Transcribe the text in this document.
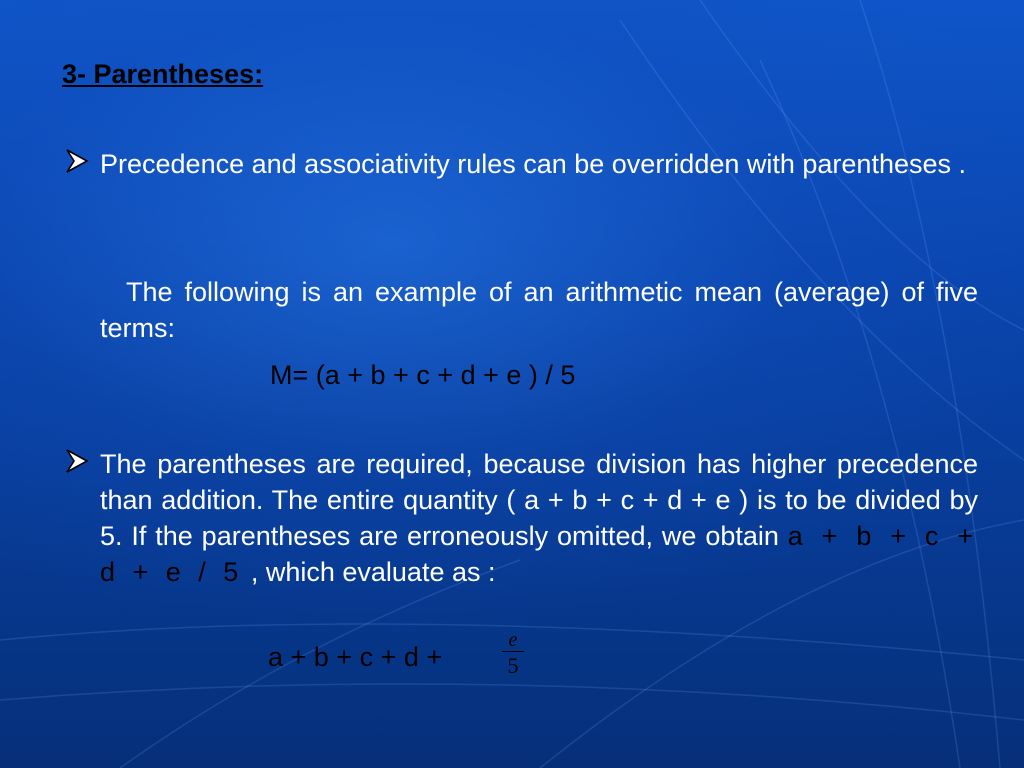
3- Parentheses:
Precedence and associativity rules can be overridden with parentheses .
The following is an example of an arithmetic mean (average) of five terms:
M= (a + b + c + d + e ) / 5
The parentheses are required, because division has higher precedence than addition. The entire quantity ( a + b + c + d + e ) is to be divided by 5. If the parentheses are erroneously omitted, we obtain a + b + c + d + e / 5 , which evaluate as :
a + b + c + d +
e
5
